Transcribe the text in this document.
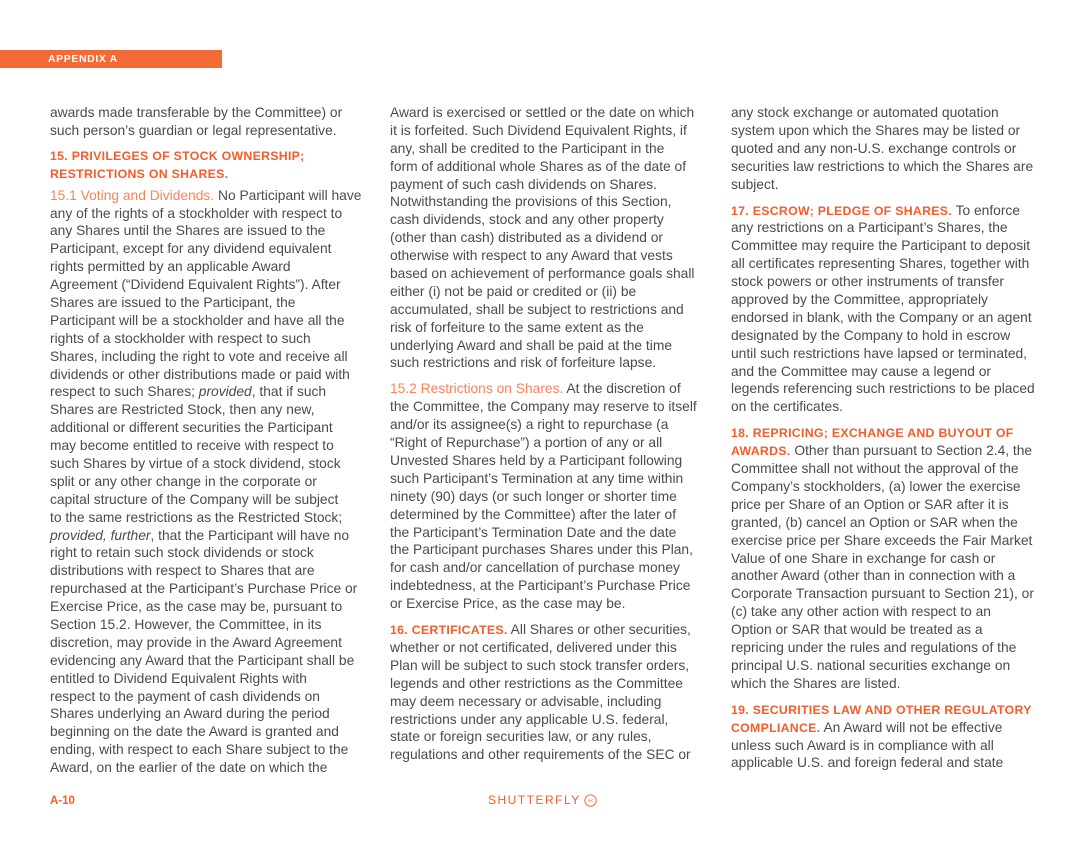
APPENDIX A
awards made transferable by the Committee) or
such person’s guardian or legal representative.
15. PRIVILEGES OF STOCK OWNERSHIP;
RESTRICTIONS ON SHARES.
15.1 Voting and Dividends. No Participant will have
any of the rights of a stockholder with respect to
any Shares until the Shares are issued to the
Participant, except for any dividend equivalent
rights permitted by an applicable Award
Agreement (“Dividend Equivalent Rights”). After
Shares are issued to the Participant, the
Participant will be a stockholder and have all the
rights of a stockholder with respect to such
Shares, including the right to vote and receive all
dividends or other distributions made or paid with
respect to such Shares; provided, that if such
Shares are Restricted Stock, then any new,
additional or different securities the Participant
may become entitled to receive with respect to
such Shares by virtue of a stock dividend, stock
split or any other change in the corporate or
capital structure of the Company will be subject
to the same restrictions as the Restricted Stock;
provided, further, that the Participant will have no
right to retain such stock dividends or stock
distributions with respect to Shares that are
repurchased at the Participant’s Purchase Price or
Exercise Price, as the case may be, pursuant to
Section 15.2. However, the Committee, in its
discretion, may provide in the Award Agreement
evidencing any Award that the Participant shall be
entitled to Dividend Equivalent Rights with
respect to the payment of cash dividends on
Shares underlying an Award during the period
beginning on the date the Award is granted and
ending, with respect to each Share subject to the
Award, on the earlier of the date on which the
Award is exercised or settled or the date on which
it is forfeited. Such Dividend Equivalent Rights, if
any, shall be credited to the Participant in the
form of additional whole Shares as of the date of
payment of such cash dividends on Shares.
Notwithstanding the provisions of this Section,
cash dividends, stock and any other property
(other than cash) distributed as a dividend or
otherwise with respect to any Award that vests
based on achievement of performance goals shall
either (i) not be paid or credited or (ii) be
accumulated, shall be subject to restrictions and
risk of forfeiture to the same extent as the
underlying Award and shall be paid at the time
such restrictions and risk of forfeiture lapse.
15.2 Restrictions on Shares. At the discretion of
the Committee, the Company may reserve to itself
and/or its assignee(s) a right to repurchase (a
“Right of Repurchase”) a portion of any or all
Unvested Shares held by a Participant following
such Participant’s Termination at any time within
ninety (90) days (or such longer or shorter time
determined by the Committee) after the later of
the Participant’s Termination Date and the date
the Participant purchases Shares under this Plan,
for cash and/or cancellation of purchase money
indebtedness, at the Participant’s Purchase Price
or Exercise Price, as the case may be.
16. CERTIFICATES. All Shares or other securities,
whether or not certificated, delivered under this
Plan will be subject to such stock transfer orders,
legends and other restrictions as the Committee
may deem necessary or advisable, including
restrictions under any applicable U.S. federal,
state or foreign securities law, or any rules,
regulations and other requirements of the SEC or
any stock exchange or automated quotation
system upon which the Shares may be listed or
quoted and any non-U.S. exchange controls or
securities law restrictions to which the Shares are
subject.
17. ESCROW; PLEDGE OF SHARES. To enforce
any restrictions on a Participant’s Shares, the
Committee may require the Participant to deposit
all certificates representing Shares, together with
stock powers or other instruments of transfer
approved by the Committee, appropriately
endorsed in blank, with the Company or an agent
designated by the Company to hold in escrow
until such restrictions have lapsed or terminated,
and the Committee may cause a legend or
legends referencing such restrictions to be placed
on the certificates.
18. REPRICING; EXCHANGE AND BUYOUT OF
AWARDS. Other than pursuant to Section 2.4, the
Committee shall not without the approval of the
Company’s stockholders, (a) lower the exercise
price per Share of an Option or SAR after it is
granted, (b) cancel an Option or SAR when the
exercise price per Share exceeds the Fair Market
Value of one Share in exchange for cash or
another Award (other than in connection with a
Corporate Transaction pursuant to Section 21), or
(c) take any other action with respect to an
Option or SAR that would be treated as a
repricing under the rules and regulations of the
principal U.S. national securities exchange on
which the Shares are listed.
19. SECURITIES LAW AND OTHER REGULATORY
COMPLIANCE. An Award will not be effective
unless such Award is in compliance with all
applicable U.S. and foreign federal and state
A-10	SHUTTERFLY inc
